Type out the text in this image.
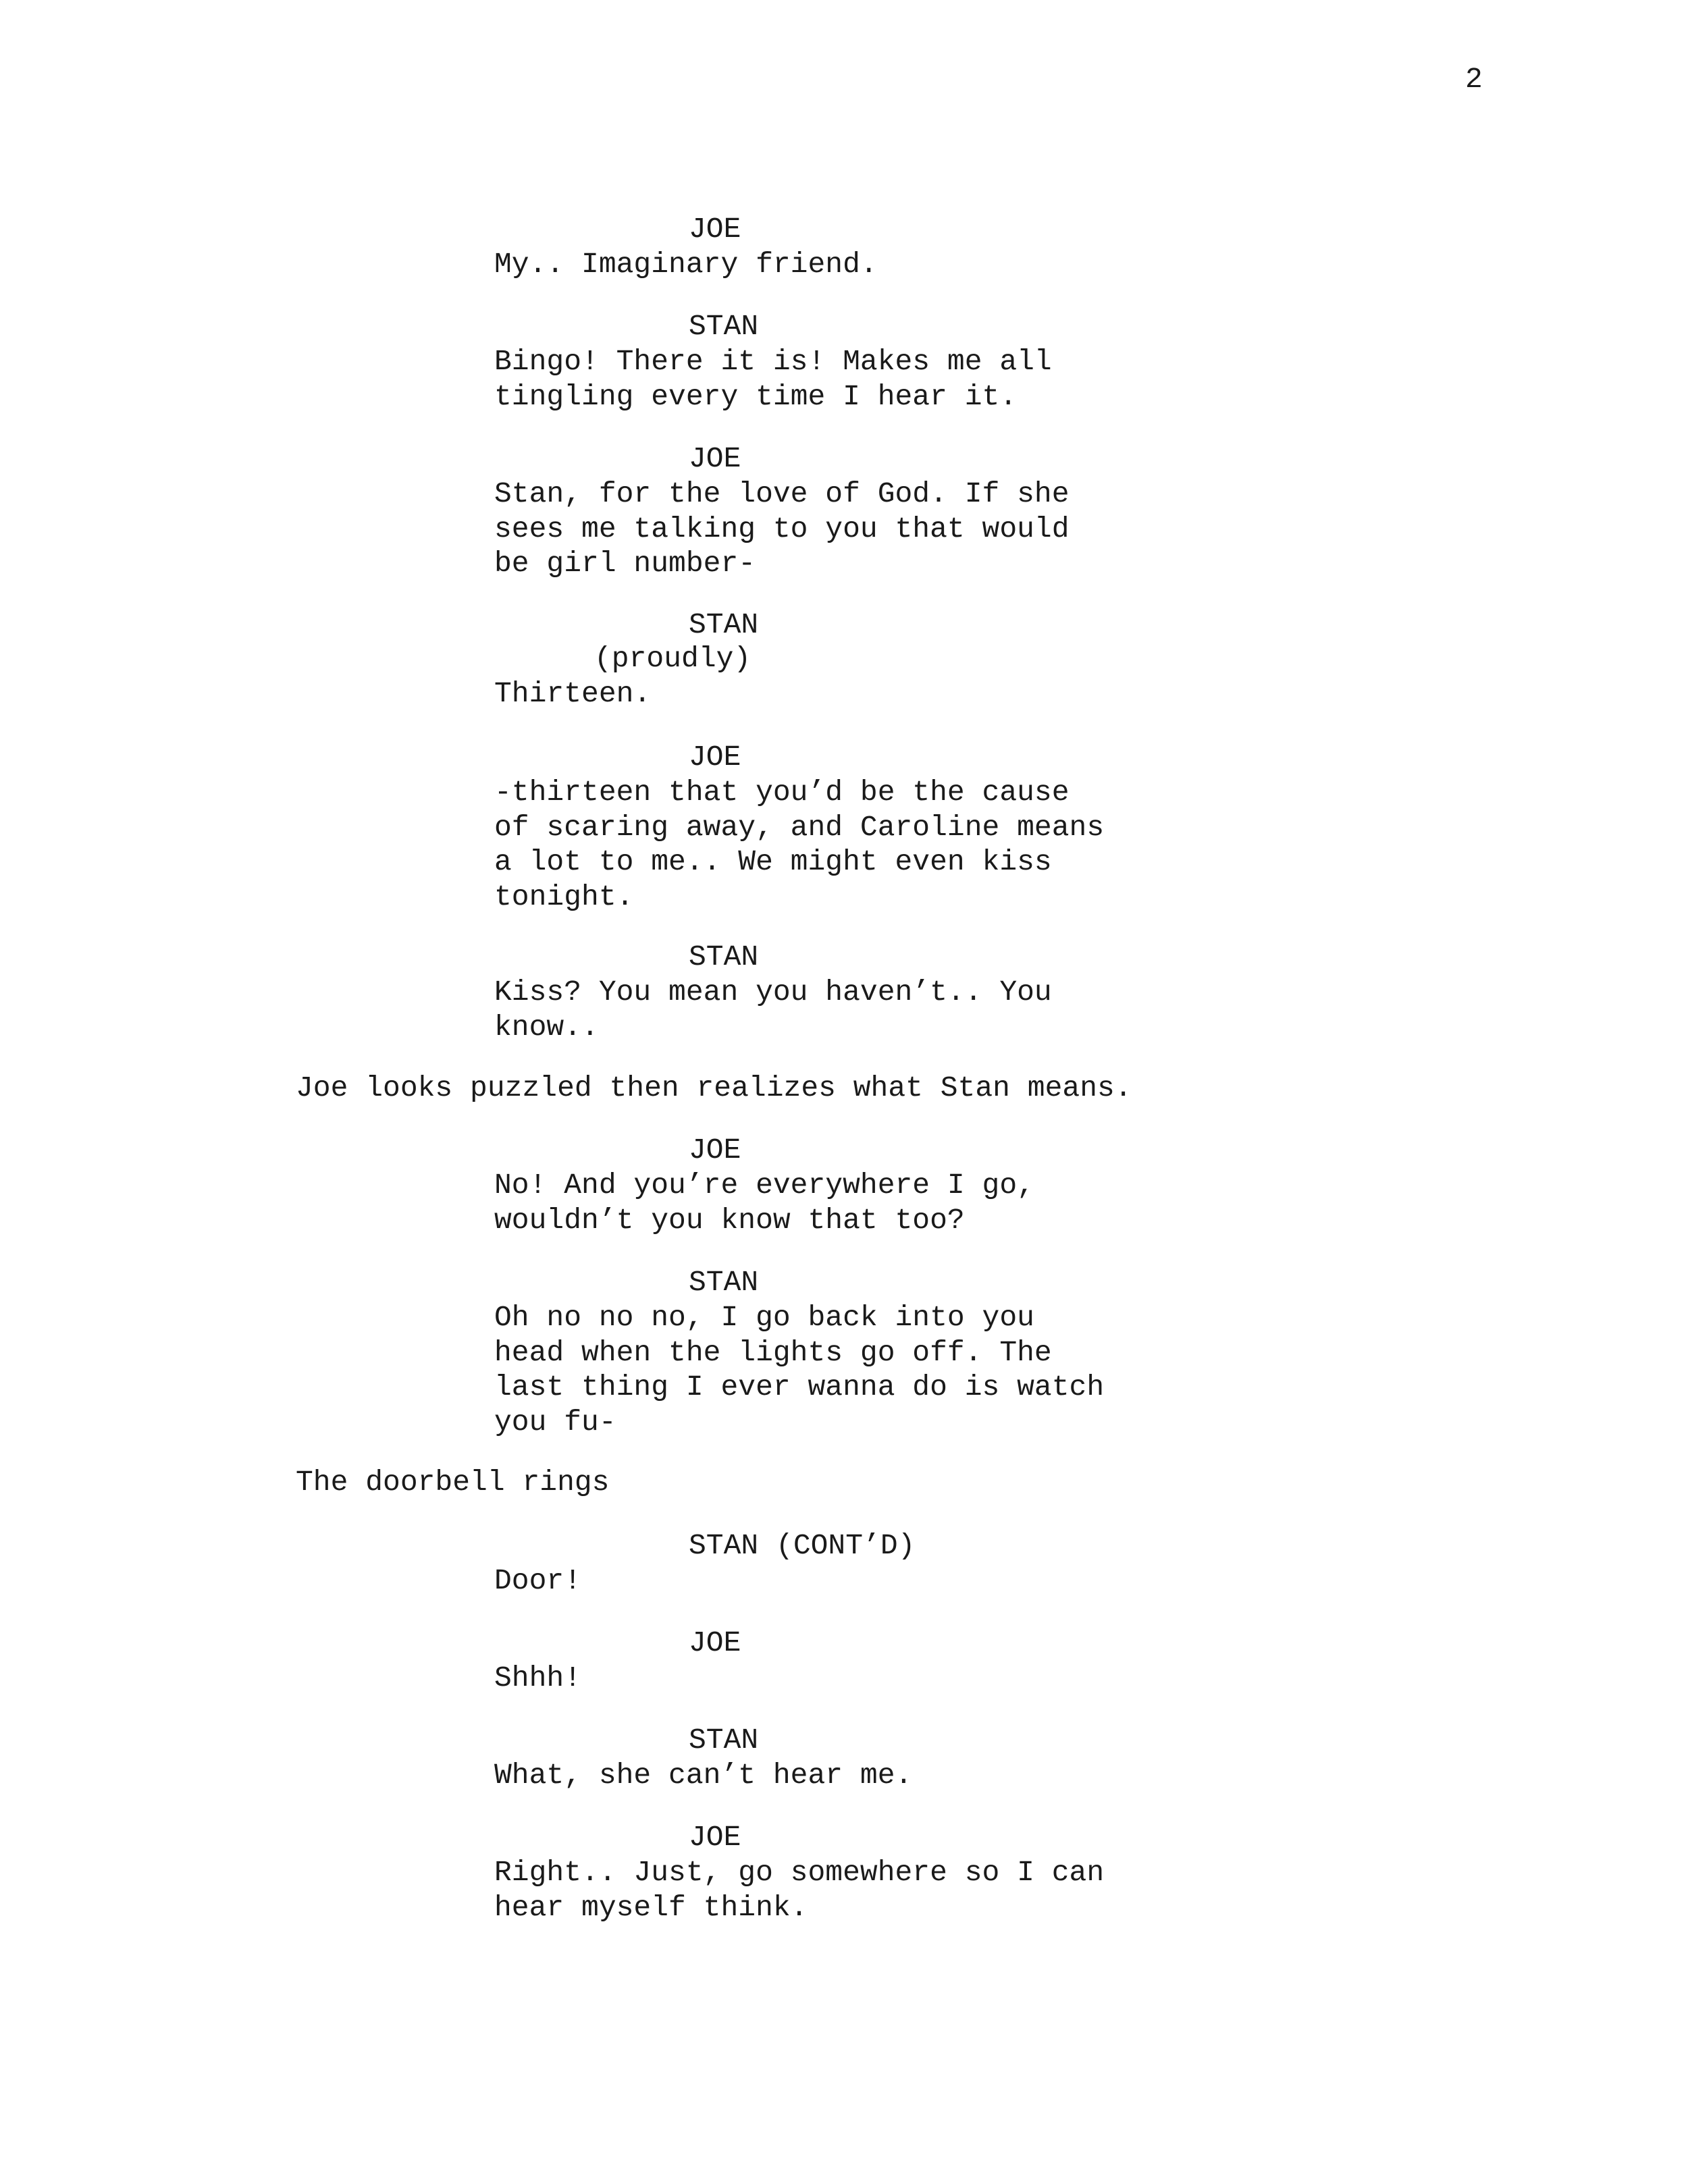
2
JOE
My.. Imaginary friend.
STAN
Bingo! There it is! Makes me all
tingling every time I hear it.
JOE
Stan, for the love of God. If she
sees me talking to you that would
be girl number-
STAN
(proudly)
Thirteen.
JOE
-thirteen that you’d be the cause
of scaring away, and Caroline means
a lot to me.. We might even kiss
tonight.
STAN
Kiss? You mean you haven’t.. You
know..
Joe looks puzzled then realizes what Stan means.
JOE
No! And you’re everywhere I go,
wouldn’t you know that too?
STAN
Oh no no no, I go back into you
head when the lights go off. The
last thing I ever wanna do is watch
you fu-
The doorbell rings
STAN (CONT’D)
Door!
JOE
Shhh!
STAN
What, she can’t hear me.
JOE
Right.. Just, go somewhere so I can
hear myself think.
